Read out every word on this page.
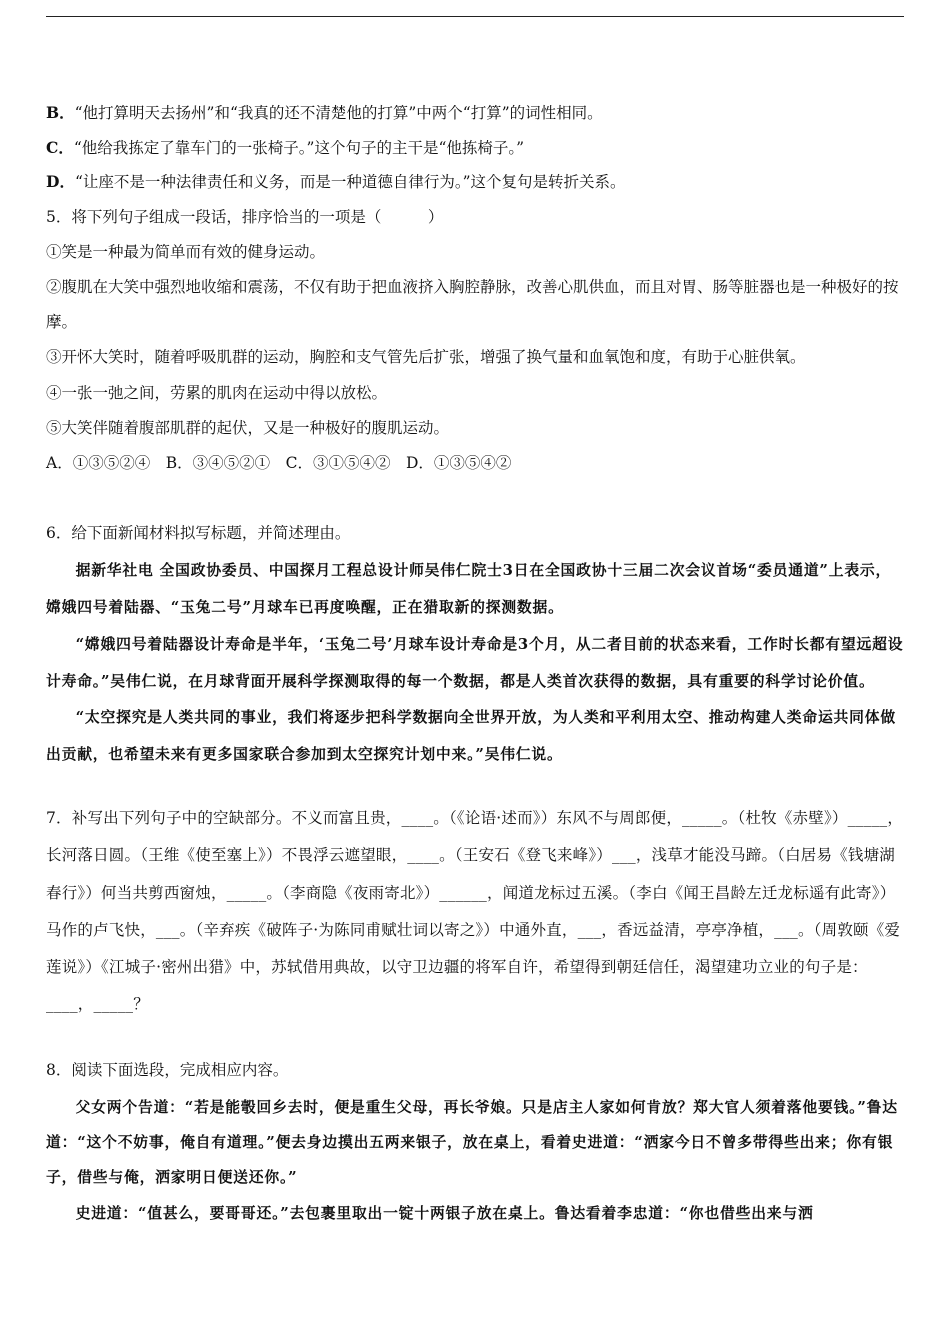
B．“他打算明天去扬州”和“我真的还不清楚他的打算”中两个“打算”的词性相同。

C．“他给我拣定了靠车门的一张椅子。”这个句子的主干是“他拣椅子。”

D．“让座不是一种法律责任和义务，而是一种道德自律行为。”这个复句是转折关系。

5．将下列句子组成一段话，排序恰当的一项是（　　　）

①笑是一种最为简单而有效的健身运动。

②腹肌在大笑中强烈地收缩和震荡，不仅有助于把血液挤入胸腔静脉，改善心肌供血，而且对胃、肠等脏器也是一种极好的按摩。

③开怀大笑时，随着呼吸肌群的运动，胸腔和支气管先后扩张，增强了换气量和血氧饱和度，有助于心脏供氧。

④一张一弛之间，劳累的肌肉在运动中得以放松。

⑤大笑伴随着腹部肌群的起伏，又是一种极好的腹肌运动。

A．①③⑤②④　B．③④⑤②①　C．③①⑤④②　D．①③⑤④②

6．给下面新闻材料拟写标题，并简述理由。

据新华社电 全国政协委员、中国探月工程总设计师吴伟仁院士3日在全国政协十三届二次会议首场“委员通道”上表示，嫦娥四号着陆器、“玉兔二号”月球车已再度唤醒，正在猎取新的探测数据。

“嫦娥四号着陆器设计寿命是半年，‘玉兔二号’月球车设计寿命是3个月，从二者目前的状态来看，工作时长都有望远超设计寿命。”吴伟仁说，在月球背面开展科学探测取得的每一个数据，都是人类首次获得的数据，具有重要的科学讨论价值。

“太空探究是人类共同的事业，我们将逐步把科学数据向全世界开放，为人类和平利用太空、推动构建人类命运共同体做出贡献，也希望未来有更多国家联合参加到太空探究计划中来。”吴伟仁说。

7．补写出下列句子中的空缺部分。不义而富且贵，____。（《论语·述而》）东风不与周郎便，_____。（杜牧《赤壁》）_____，长河落日圆。（王维《使至塞上》）不畏浮云遮望眼，____。（王安石《登飞来峰》）___，浅草才能没马蹄。（白居易《钱塘湖春行》）何当共剪西窗烛，_____。（李商隐《夜雨寄北》）______，闻道龙标过五溪。（李白《闻王昌龄左迁龙标遥有此寄》）马作的卢飞快，___。（辛弃疾《破阵子·为陈同甫赋壮词以寄之》）中通外直，___，香远益清，亭亭净植，___。（周敦颐《爱莲说》）《江城子·密州出猎》中，苏轼借用典故，以守卫边疆的将军自许，希望得到朝廷信任，渴望建功立业的句子是：____，_____？

8．阅读下面选段，完成相应内容。

父女两个告道：“若是能彀回乡去时，便是重生父母，再长爷娘。只是店主人家如何肯放？郑大官人须着落他要钱。”鲁达道：“这个不妨事，俺自有道理。”便去身边摸出五两来银子，放在桌上，看着史进道：“洒家今日不曾多带得些出来；你有银子，借些与俺，洒家明日便送还你。”

史进道：“值甚么，要哥哥还。”去包裹里取出一锭十两银子放在桌上。鲁达看着李忠道：“你也借些出来与洒
